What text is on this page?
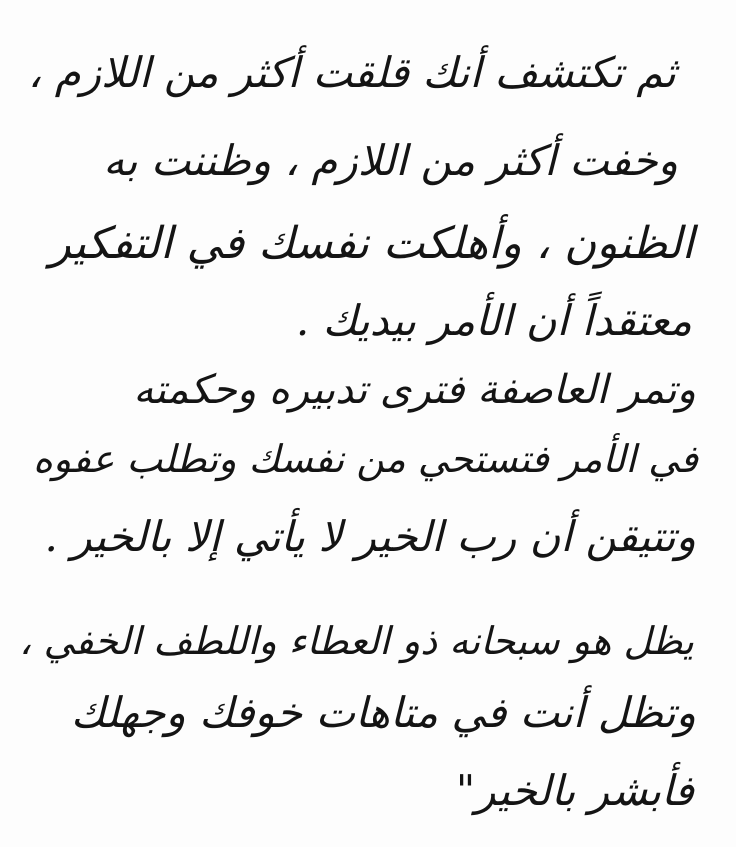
ثم تكتشف أنك قلقت أكثر من اللازم ،
وخفت أكثر من اللازم ، وظننت به
الظنون ، وأهلكت نفسك في التفكير
معتقداً أن الأمر بيديك .
وتمر العاصفة فترى تدبيره وحكمته
في الأمر فتستحي من نفسك وتطلب عفوه
وتتيقن أن رب الخير لا يأتي إلا بالخير .
يظل هو سبحانه ذو العطاء واللطف الخفي ،
وتظل أنت في متاهات خوفك وجهلك
فأبشر بالخير"
